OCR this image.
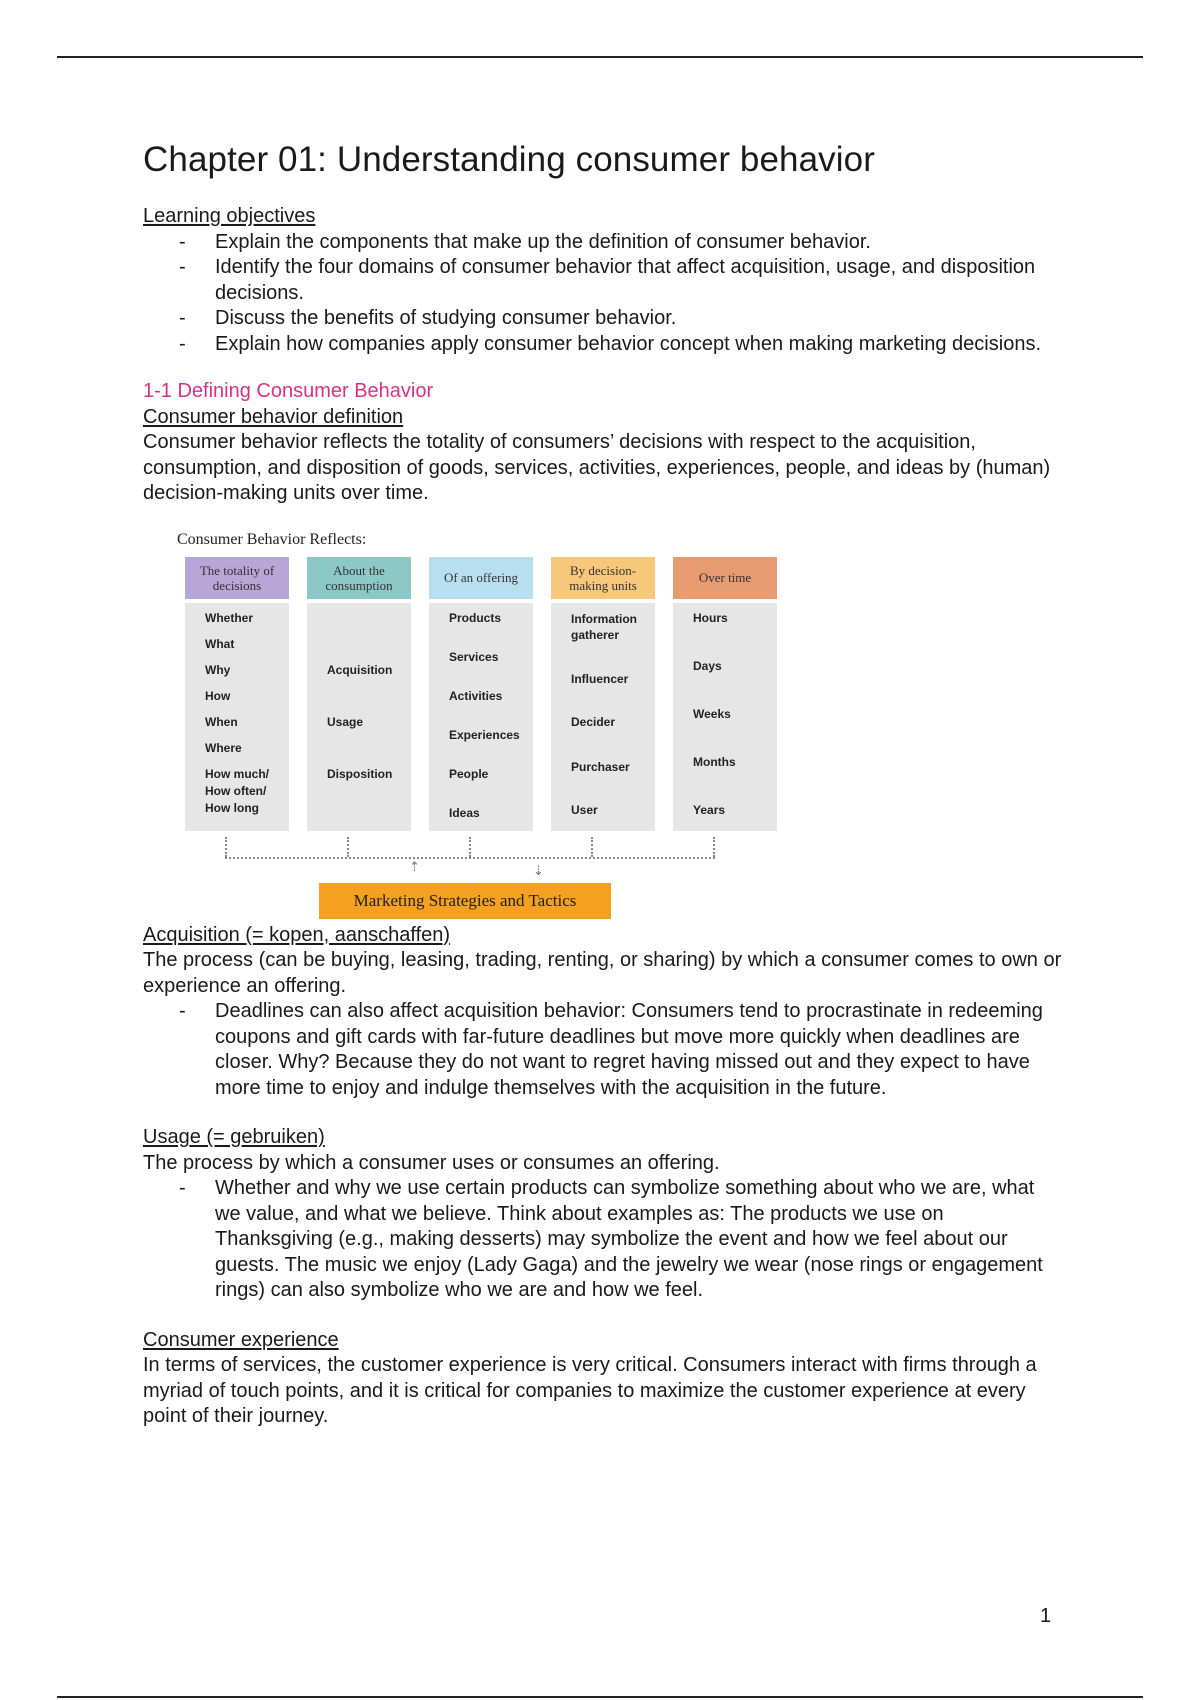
Chapter 01: Understanding consumer behavior
Learning objectives
- Explain the components that make up the definition of consumer behavior.
- Identify the four domains of consumer behavior that affect acquisition, usage, and disposition decisions.
- Discuss the benefits of studying consumer behavior.
- Explain how companies apply consumer behavior concept when making marketing decisions.
1-1 Defining Consumer Behavior
Consumer behavior definition
Consumer behavior reflects the totality of consumers’ decisions with respect to the acquisition, consumption, and disposition of goods, services, activities, experiences, people, and ideas by (human) decision-making units over time.
Consumer Behavior Reflects:
The totality of decisions
Whether
What
Why
How
When
Where
How much/
How often/
How long
About the consumption
Acquisition
Usage
Disposition
Of an offering
Products
Services
Activities
Experiences
People
Ideas
By decision-making units
Information gatherer
Influencer
Decider
Purchaser
User
Over time
Hours
Days
Weeks
Months
Years
⇡	⇣
Marketing Strategies and Tactics
Acquisition (= kopen, aanschaffen)
The process (can be buying, leasing, trading, renting, or sharing) by which a consumer comes to own or experience an offering.
- Deadlines can also affect acquisition behavior: Consumers tend to procrastinate in redeeming coupons and gift cards with far-future deadlines but move more quickly when deadlines are closer. Why? Because they do not want to regret having missed out and they expect to have more time to enjoy and indulge themselves with the acquisition in the future.
Usage (= gebruiken)
The process by which a consumer uses or consumes an offering.
- Whether and why we use certain products can symbolize something about who we are, what we value, and what we believe. Think about examples as: The products we use on Thanksgiving (e.g., making desserts) may symbolize the event and how we feel about our guests. The music we enjoy (Lady Gaga) and the jewelry we wear (nose rings or engagement rings) can also symbolize who we are and how we feel.
Consumer experience
In terms of services, the customer experience is very critical. Consumers interact with firms through a myriad of touch points, and it is critical for companies to maximize the customer experience at every point of their journey.
1
